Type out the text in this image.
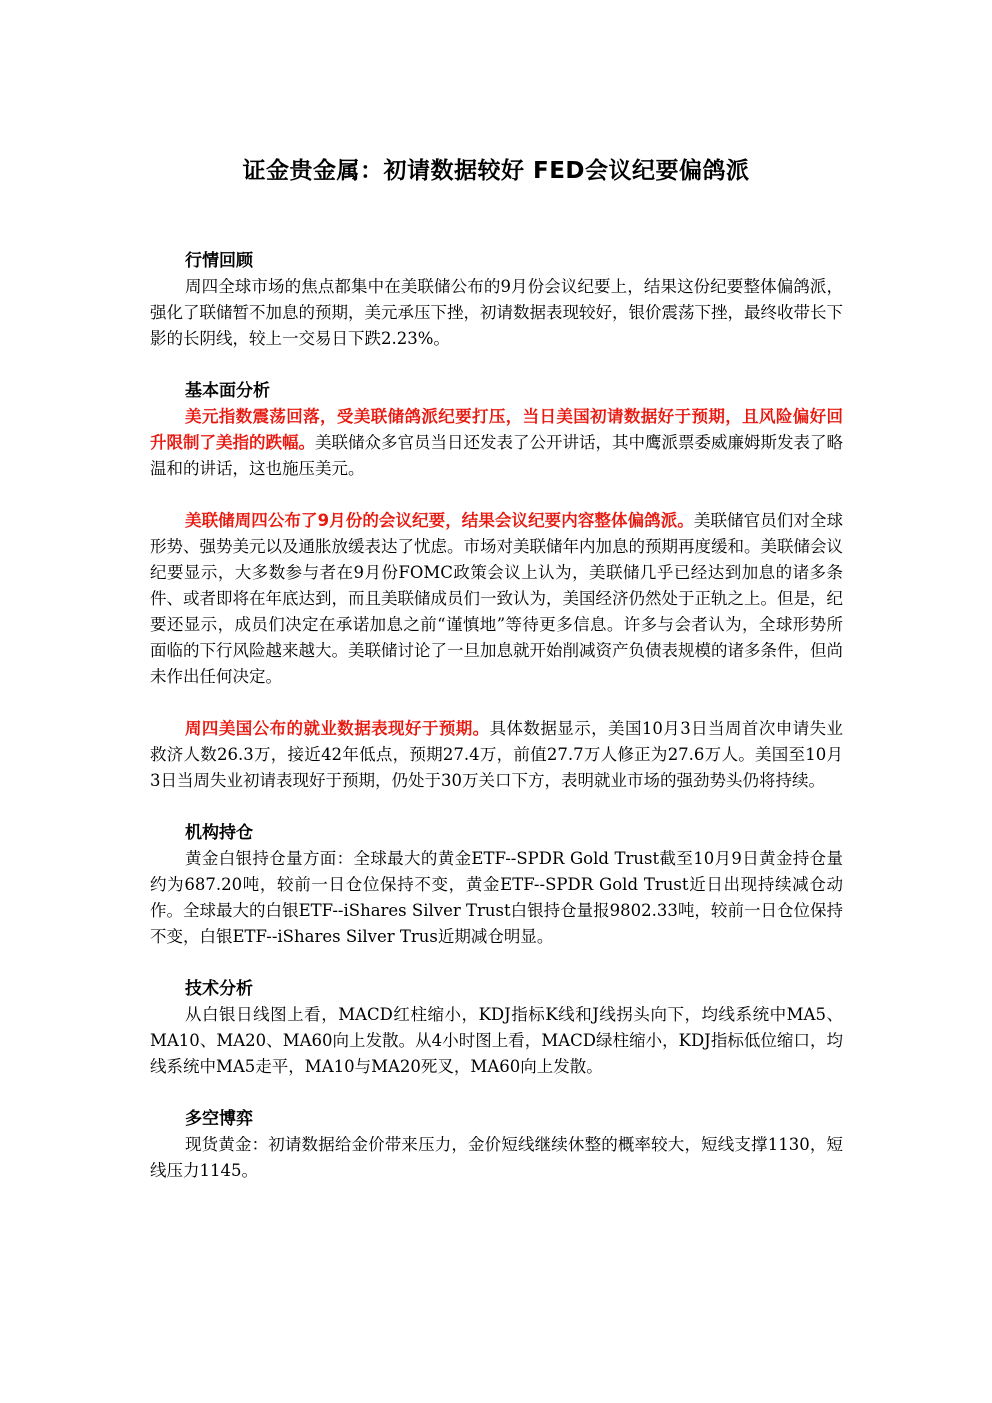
证金贵金属：初请数据较好 FED会议纪要偏鸽派
行情回顾

周四全球市场的焦点都集中在美联储公布的9月份会议纪要上，结果这份纪要整体偏鸽派，强化了联储暂不加息的预期，美元承压下挫，初请数据表现较好，银价震荡下挫，最终收带长下影的长阴线，较上一交易日下跌2.23%。

基本面分析

美元指数震荡回落，受美联储鸽派纪要打压，当日美国初请数据好于预期，且风险偏好回升限制了美指的跌幅。美联储众多官员当日还发表了公开讲话，其中鹰派票委威廉姆斯发表了略温和的讲话，这也施压美元。

美联储周四公布了9月份的会议纪要，结果会议纪要内容整体偏鸽派。美联储官员们对全球形势、强势美元以及通胀放缓表达了忧虑。市场对美联储年内加息的预期再度缓和。美联储会议纪要显示，大多数参与者在9月份FOMC政策会议上认为，美联储几乎已经达到加息的诸多条件、或者即将在年底达到，而且美联储成员们一致认为，美国经济仍然处于正轨之上。但是，纪要还显示，成员们决定在承诺加息之前“谨慎地”等待更多信息。许多与会者认为，全球形势所面临的下行风险越来越大。美联储讨论了一旦加息就开始削减资产负债表规模的诸多条件，但尚未作出任何决定。

周四美国公布的就业数据表现好于预期。具体数据显示，美国10月3日当周首次申请失业救济人数26.3万，接近42年低点，预期27.4万，前值27.7万人修正为27.6万人。美国至10月3日当周失业初请表现好于预期，仍处于30万关口下方，表明就业市场的强劲势头仍将持续。

机构持仓

黄金白银持仓量方面：全球最大的黄金ETF--SPDR Gold Trust截至10月9日黄金持仓量约为687.20吨，较前一日仓位保持不变，黄金ETF--SPDR Gold Trust近日出现持续减仓动作。全球最大的白银ETF--iShares Silver Trust白银持仓量报9802.33吨，较前一日仓位保持不变，白银ETF--iShares Silver Trus近期减仓明显。

技术分析

从白银日线图上看，MACD红柱缩小，KDJ指标K线和J线拐头向下，均线系统中MA5、MA10、MA20、MA60向上发散。从4小时图上看，MACD绿柱缩小，KDJ指标低位缩口，均线系统中MA5走平，MA10与MA20死叉，MA60向上发散。

多空博弈

现货黄金：初请数据给金价带来压力，金价短线继续休整的概率较大，短线支撑1130，短线压力1145。
